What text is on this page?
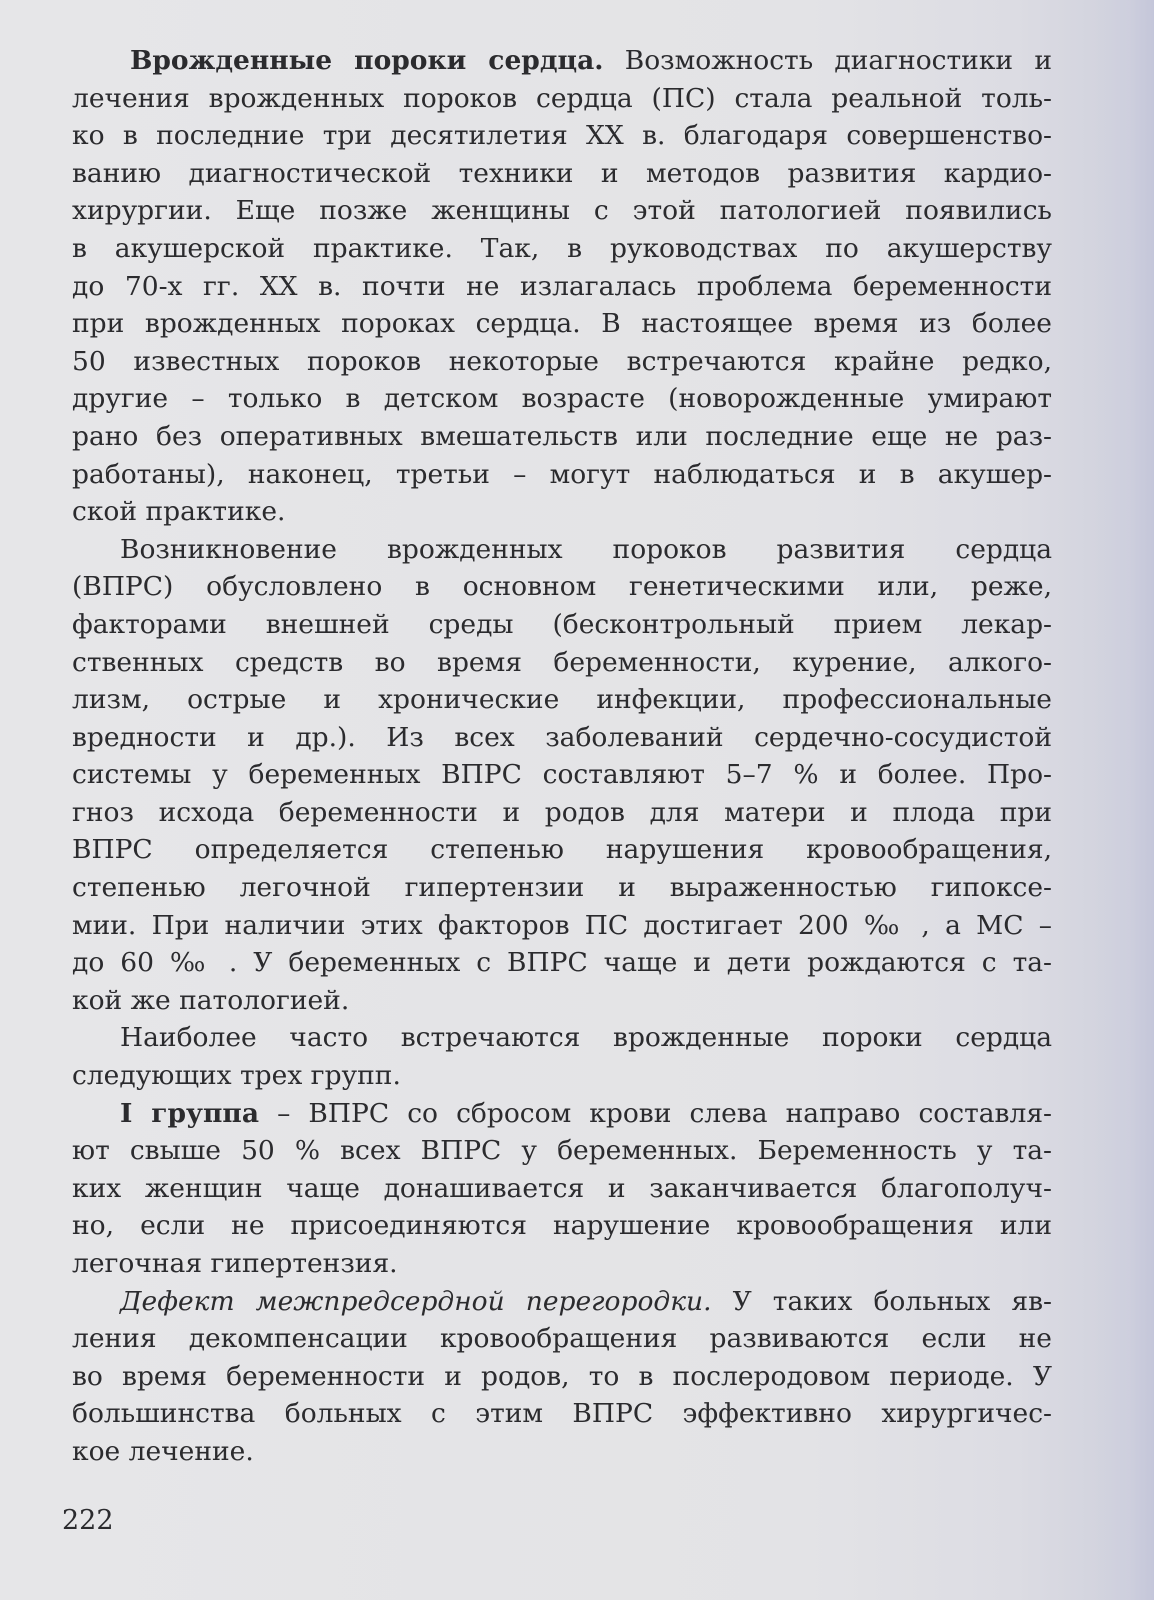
Врожденные пороки сердца. Возможность диагностики и
лечения врожденных пороков сердца (ПС) стала реальной толь-
ко в последние три десятилетия XX в. благодаря совершенство-
ванию диагностической техники и методов развития кардио-
хирургии. Еще позже женщины с этой патологией появились
в акушерской практике. Так, в руководствах по акушерству
до 70-х гг. XX в. почти не излагалась проблема беременности
при врожденных пороках сердца. В настоящее время из более
50 известных пороков некоторые встречаются крайне редко,
другие – только в детском возрасте (новорожденные умирают
рано без оперативных вмешательств или последние еще не раз-
работаны), наконец, третьи – могут наблюдаться и в акушер-
ской практике.
Возникновение врожденных пороков развития сердца
(ВПРС) обусловлено в основном генетическими или, реже,
факторами внешней среды (бесконтрольный прием лекар-
ственных средств во время беременности, курение, алкого-
лизм, острые и хронические инфекции, профессиональные
вредности и др.). Из всех заболеваний сердечно-сосудистой
системы у беременных ВПРС составляют 5–7 % и более. Про-
гноз исхода беременности и родов для матери и плода при
ВПРС определяется степенью нарушения кровообращения,
степенью легочной гипертензии и выраженностью гипоксе-
мии. При наличии этих факторов ПС достигает 200 ‰ , а МС –
до 60 ‰ . У беременных с ВПРС чаще и дети рождаются с та-
кой же патологией.
Наиболее часто встречаются врожденные пороки сердца
следующих трех групп.
I группа – ВПРС со сбросом крови слева направо составля-
ют свыше 50 % всех ВПРС у беременных. Беременность у та-
ких женщин чаще донашивается и заканчивается благополуч-
но, если не присоединяются нарушение кровообращения или
легочная гипертензия.
Дефект межпредсердной перегородки. У таких больных яв-
ления декомпенсации кровообращения развиваются если не
во время беременности и родов, то в послеродовом периоде. У
большинства больных с этим ВПРС эффективно хирургичес-
кое лечение.
222
